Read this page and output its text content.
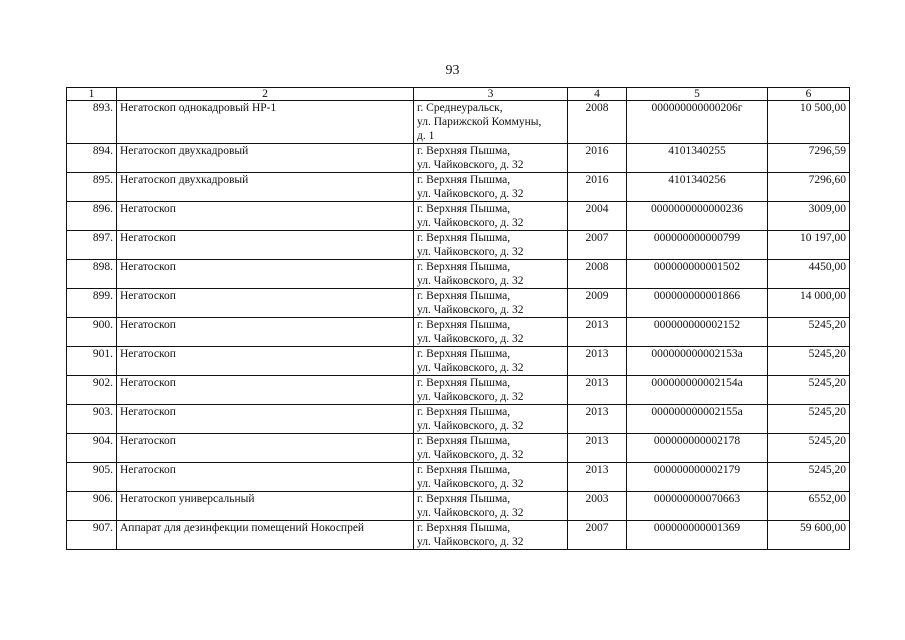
93
1	2	3	4	5	6
893.	Негатоскоп однокадровый НР-1	г. Среднеуральск,
ул. Парижской Коммуны,
д. 1	2008	000000000000206г	10 500,00
894.	Негатоскоп двухкадровый	г. Верхняя Пышма,
ул. Чайковского, д. 32	2016	4101340255	7296,59
895.	Негатоскоп двухкадровый	г. Верхняя Пышма,
ул. Чайковского, д. 32	2016	4101340256	7296,60
896.	Негатоскоп	г. Верхняя Пышма,
ул. Чайковского, д. 32	2004	0000000000000236	3009,00
897.	Негатоскоп	г. Верхняя Пышма,
ул. Чайковского, д. 32	2007	000000000000799	10 197,00
898.	Негатоскоп	г. Верхняя Пышма,
ул. Чайковского, д. 32	2008	000000000001502	4450,00
899.	Негатоскоп	г. Верхняя Пышма,
ул. Чайковского, д. 32	2009	000000000001866	14 000,00
900.	Негатоскоп	г. Верхняя Пышма,
ул. Чайковского, д. 32	2013	000000000002152	5245,20
901.	Негатоскоп	г. Верхняя Пышма,
ул. Чайковского, д. 32	2013	000000000002153а	5245,20
902.	Негатоскоп	г. Верхняя Пышма,
ул. Чайковского, д. 32	2013	000000000002154а	5245,20
903.	Негатоскоп	г. Верхняя Пышма,
ул. Чайковского, д. 32	2013	000000000002155а	5245,20
904.	Негатоскоп	г. Верхняя Пышма,
ул. Чайковского, д. 32	2013	000000000002178	5245,20
905.	Негатоскоп	г. Верхняя Пышма,
ул. Чайковского, д. 32	2013	000000000002179	5245,20
906.	Негатоскоп универсальный	г. Верхняя Пышма,
ул. Чайковского, д. 32	2003	000000000070663	6552,00
907.	Аппарат для дезинфекции помещений Нокоспрей	г. Верхняя Пышма,
ул. Чайковского, д. 32	2007	000000000001369	59 600,00
